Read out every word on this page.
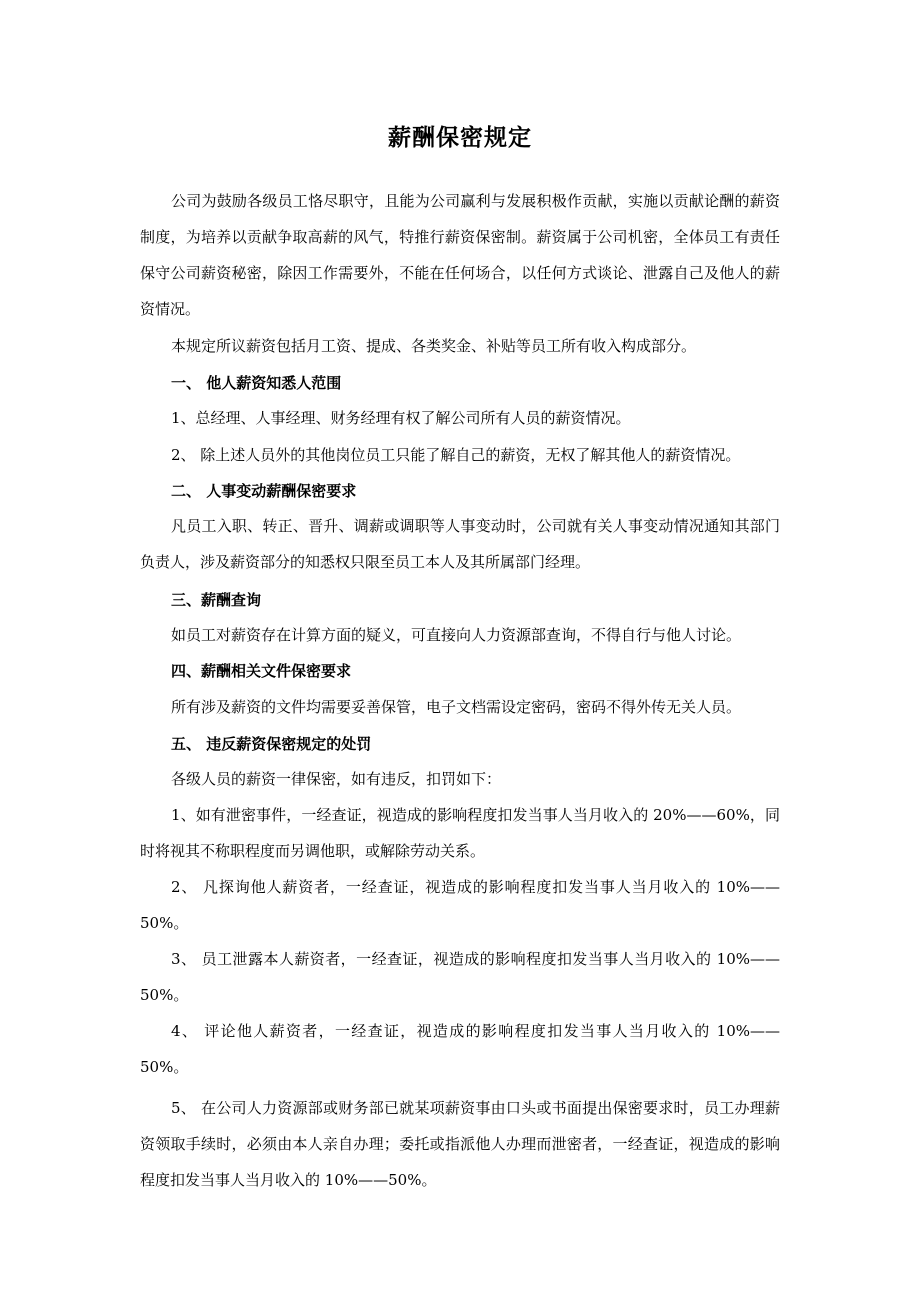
薪酬保密规定

公司为鼓励各级员工恪尽职守，且能为公司赢利与发展积极作贡献，实施以贡献论酬的薪资制度，为培养以贡献争取高薪的风气，特推行薪资保密制。薪资属于公司机密，全体员工有责任保守公司薪资秘密，除因工作需要外，不能在任何场合，以任何方式谈论、泄露自己及他人的薪资情况。

本规定所议薪资包括月工资、提成、各类奖金、补贴等员工所有收入构成部分。

一、 他人薪资知悉人范围

1、总经理、人事经理、财务经理有权了解公司所有人员的薪资情况。

2、 除上述人员外的其他岗位员工只能了解自己的薪资，无权了解其他人的薪资情况。

二、 人事变动薪酬保密要求

凡员工入职、转正、晋升、调薪或调职等人事变动时，公司就有关人事变动情况通知其部门负责人，涉及薪资部分的知悉权只限至员工本人及其所属部门经理。

三、薪酬查询

如员工对薪资存在计算方面的疑义，可直接向人力资源部查询，不得自行与他人讨论。

四、薪酬相关文件保密要求

所有涉及薪资的文件均需要妥善保管，电子文档需设定密码，密码不得外传无关人员。

五、 违反薪资保密规定的处罚

各级人员的薪资一律保密，如有违反，扣罚如下：

1、如有泄密事件，一经查证，视造成的影响程度扣发当事人当月收入的 20%——60%，同时将视其不称职程度而另调他职，或解除劳动关系。

2、 凡探询他人薪资者，一经查证，视造成的影响程度扣发当事人当月收入的 10%——50%。

3、 员工泄露本人薪资者，一经查证，视造成的影响程度扣发当事人当月收入的 10%——50%。

4、 评论他人薪资者，一经查证，视造成的影响程度扣发当事人当月收入的 10%——50%。

5、 在公司人力资源部或财务部已就某项薪资事由口头或书面提出保密要求时，员工办理薪资领取手续时，必须由本人亲自办理；委托或指派他人办理而泄密者，一经查证，视造成的影响程度扣发当事人当月收入的 10%——50%。
